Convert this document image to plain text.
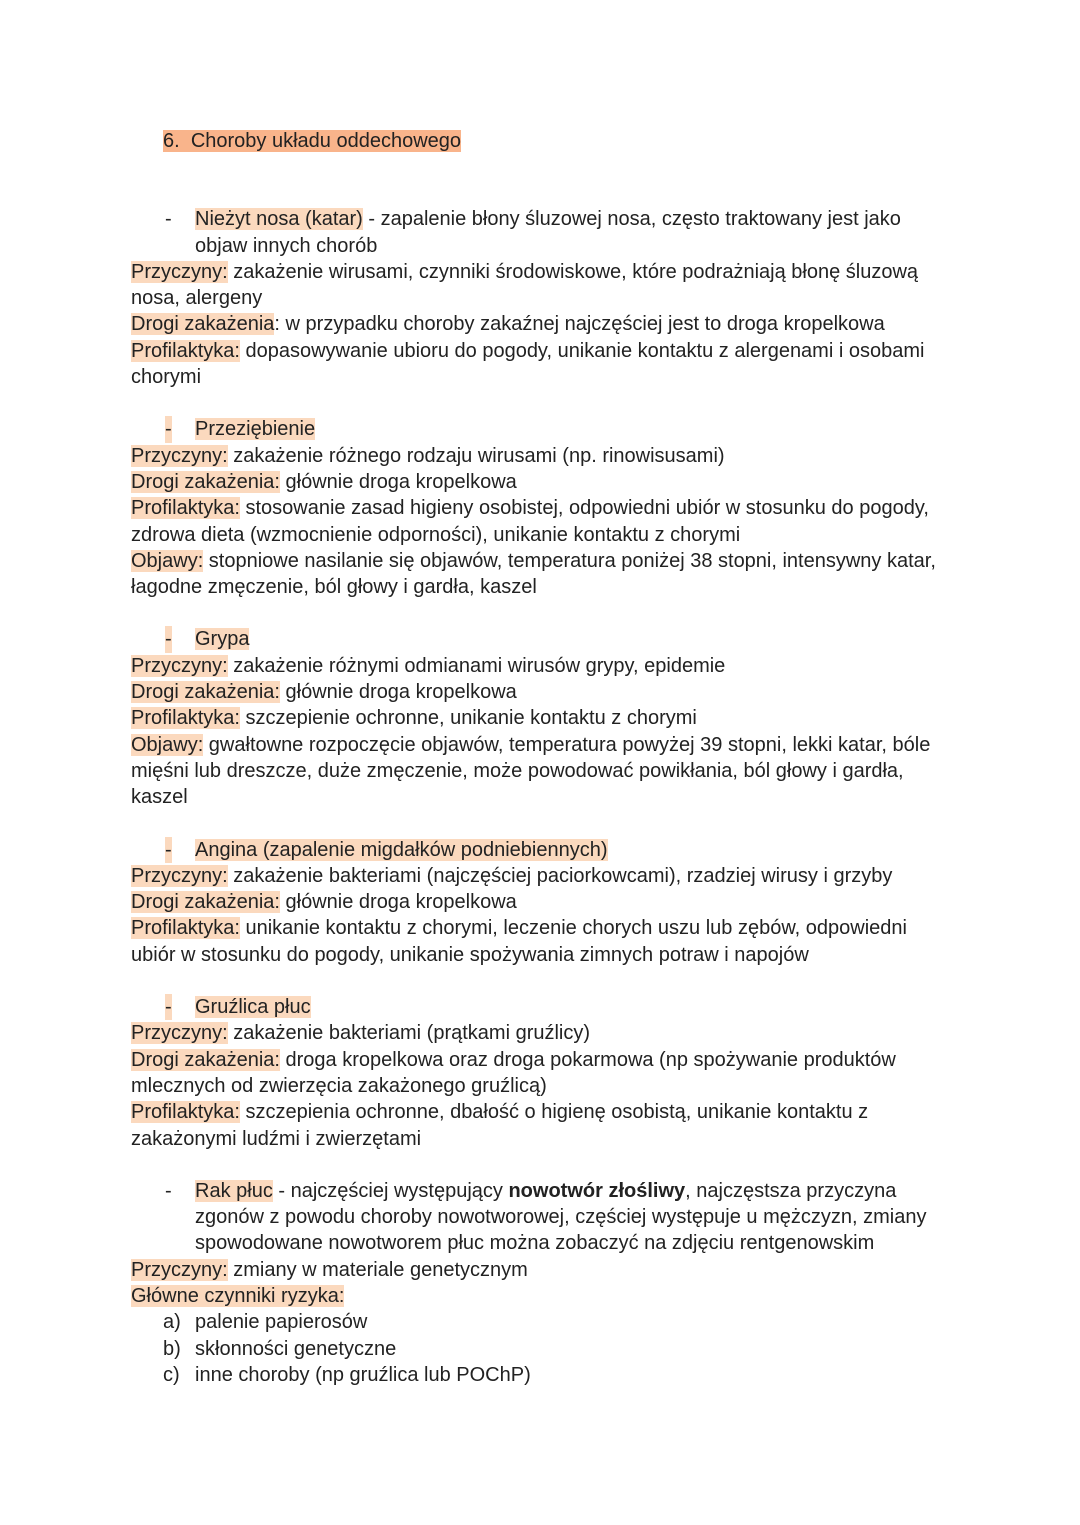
6. Choroby układu oddechowego
- Nieżyt nosa (katar) - zapalenie błony śluzowej nosa, często traktowany jest jako objaw innych chorób

Przyczyny: zakażenie wirusami, czynniki środowiskowe, które podrażniają błonę śluzową nosa, alergeny

Drogi zakażenia: w przypadku choroby zakaźnej najczęściej jest to droga kropelkowa

Profilaktyka: dopasowywanie ubioru do pogody, unikanie kontaktu z alergenami i osobami chorymi

- Przeziębienie

Przyczyny: zakażenie różnego rodzaju wirusami (np. rinowisusami)

Drogi zakażenia: głównie droga kropelkowa

Profilaktyka: stosowanie zasad higieny osobistej, odpowiedni ubiór w stosunku do pogody, zdrowa dieta (wzmocnienie odporności), unikanie kontaktu z chorymi

Objawy: stopniowe nasilanie się objawów, temperatura poniżej 38 stopni, intensywny katar, łagodne zmęczenie, ból głowy i gardła, kaszel

- Grypa

Przyczyny: zakażenie różnymi odmianami wirusów grypy, epidemie

Drogi zakażenia: głównie droga kropelkowa

Profilaktyka: szczepienie ochronne, unikanie kontaktu z chorymi

Objawy: gwałtowne rozpoczęcie objawów, temperatura powyżej 39 stopni, lekki katar, bóle mięśni lub dreszcze, duże zmęczenie, może powodować powikłania, ból głowy i gardła, kaszel

- Angina (zapalenie migdałków podniebiennych)

Przyczyny: zakażenie bakteriami (najczęściej paciorkowcami), rzadziej wirusy i grzyby

Drogi zakażenia: głównie droga kropelkowa

Profilaktyka: unikanie kontaktu z chorymi, leczenie chorych uszu lub zębów, odpowiedni ubiór w stosunku do pogody, unikanie spożywania zimnych potraw i napojów

- Gruźlica płuc

Przyczyny: zakażenie bakteriami (prątkami gruźlicy)

Drogi zakażenia: droga kropelkowa oraz droga pokarmowa (np spożywanie produktów mlecznych od zwierzęcia zakażonego gruźlicą)

Profilaktyka: szczepienia ochronne, dbałość o higienę osobistą, unikanie kontaktu z zakażonymi ludźmi i zwierzętami

- Rak płuc - najczęściej występujący nowotwór złośliwy, najczęstsza przyczyna zgonów z powodu choroby nowotworowej, częściej występuje u mężczyzn, zmiany spowodowane nowotworem płuc można zobaczyć na zdjęciu rentgenowskim

Przyczyny: zmiany w materiale genetycznym

Główne czynniki ryzyka:

a) palenie papierosów
b) skłonności genetyczne
c) inne choroby (np gruźlica lub POChP)
